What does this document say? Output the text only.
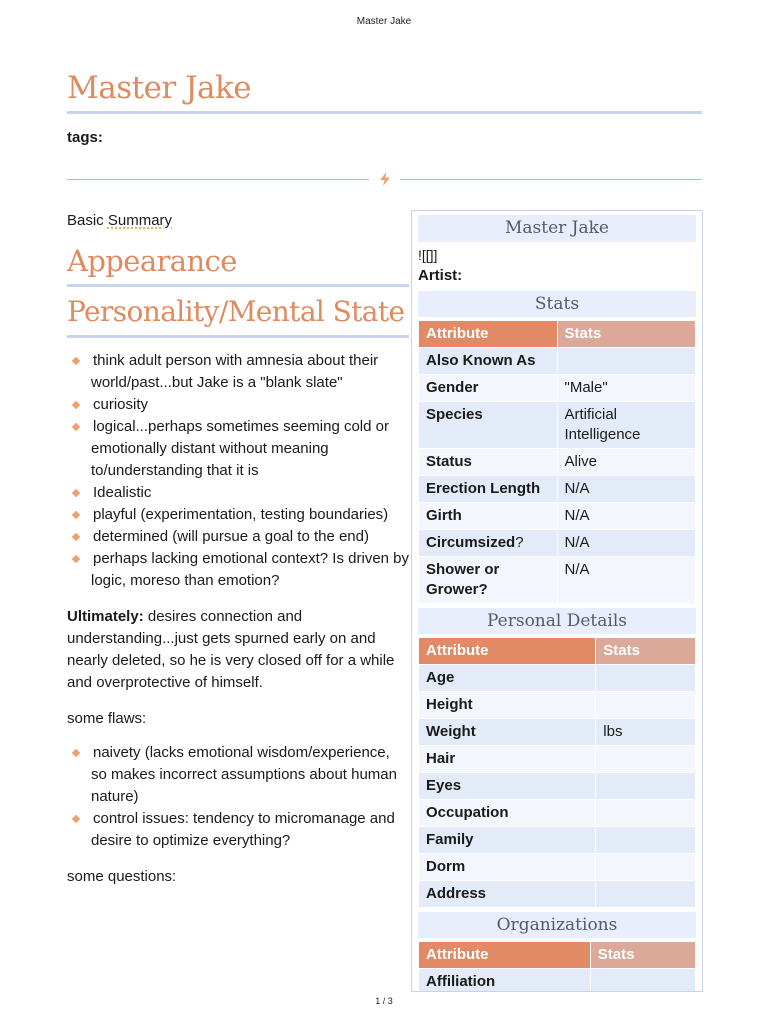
Master Jake
Master Jake
tags:

Basic Summary

Appearance
Personality/Mental State
think adult person with amnesia about their world/past...but Jake is a "blank slate"
curiosity
logical...perhaps sometimes seeming cold or emotionally distant without meaning to/understanding that it is
Idealistic
playful (experimentation, testing boundaries)
determined (will pursue a goal to the end)
perhaps lacking emotional context? Is driven by logic, moreso than emotion?

Ultimately: desires connection and understanding...just gets spurned early on and nearly deleted, so he is very closed off for a while and overprotective of himself.

some flaws:

naivety (lacks emotional wisdom/experience, so makes incorrect assumptions about human nature)
control issues: tendency to micromanage and desire to optimize everything?

some questions:

Master Jake
![[]]
Artist:
Stats
Attribute	Stats
Also Known As	
Gender	"Male"
Species	Artificial Intelligence
Status	Alive
Erection Length	N/A
Girth	N/A
Circumsized?	N/A
Shower or Grower?	N/A
Personal Details
Attribute	Stats
Age	
Height	
Weight	lbs
Hair	
Eyes	
Occupation	
Family	
Dorm	
Address	
Organizations
Attribute	Stats
Affiliation	
1 / 3
